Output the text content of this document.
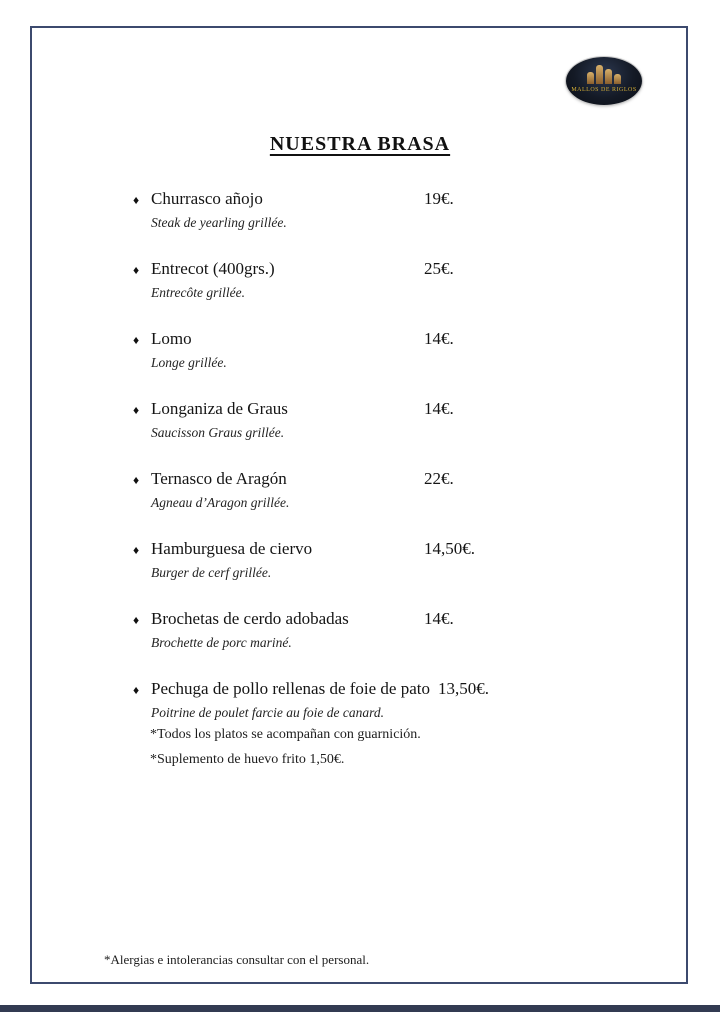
MALLOS DE RIGLOS
NUESTRA BRASA
♦ Churrasco añojo	19€.
Steak de yearling grillée.
♦ Entrecot (400grs.)	25€.
Entrecôte grillée.
♦ Lomo	14€.
Longe grillée.
♦ Longaniza de Graus	14€.
Saucisson Graus grillée.
♦ Ternasco de Aragón	22€.
Agneau d’Aragon grillée.
♦ Hamburguesa de ciervo	14,50€.
Burger de cerf grillée.
♦ Brochetas de cerdo adobadas	14€.
Brochette de porc mariné.
♦ Pechuga de pollo rellenas de foie de pato 13,50€.
Poitrine de poulet farcie au foie de canard.
*Todos los platos se acompañan con guarnición.
*Suplemento de huevo frito 1,50€.
*Alergias e intolerancias consultar con el personal.
